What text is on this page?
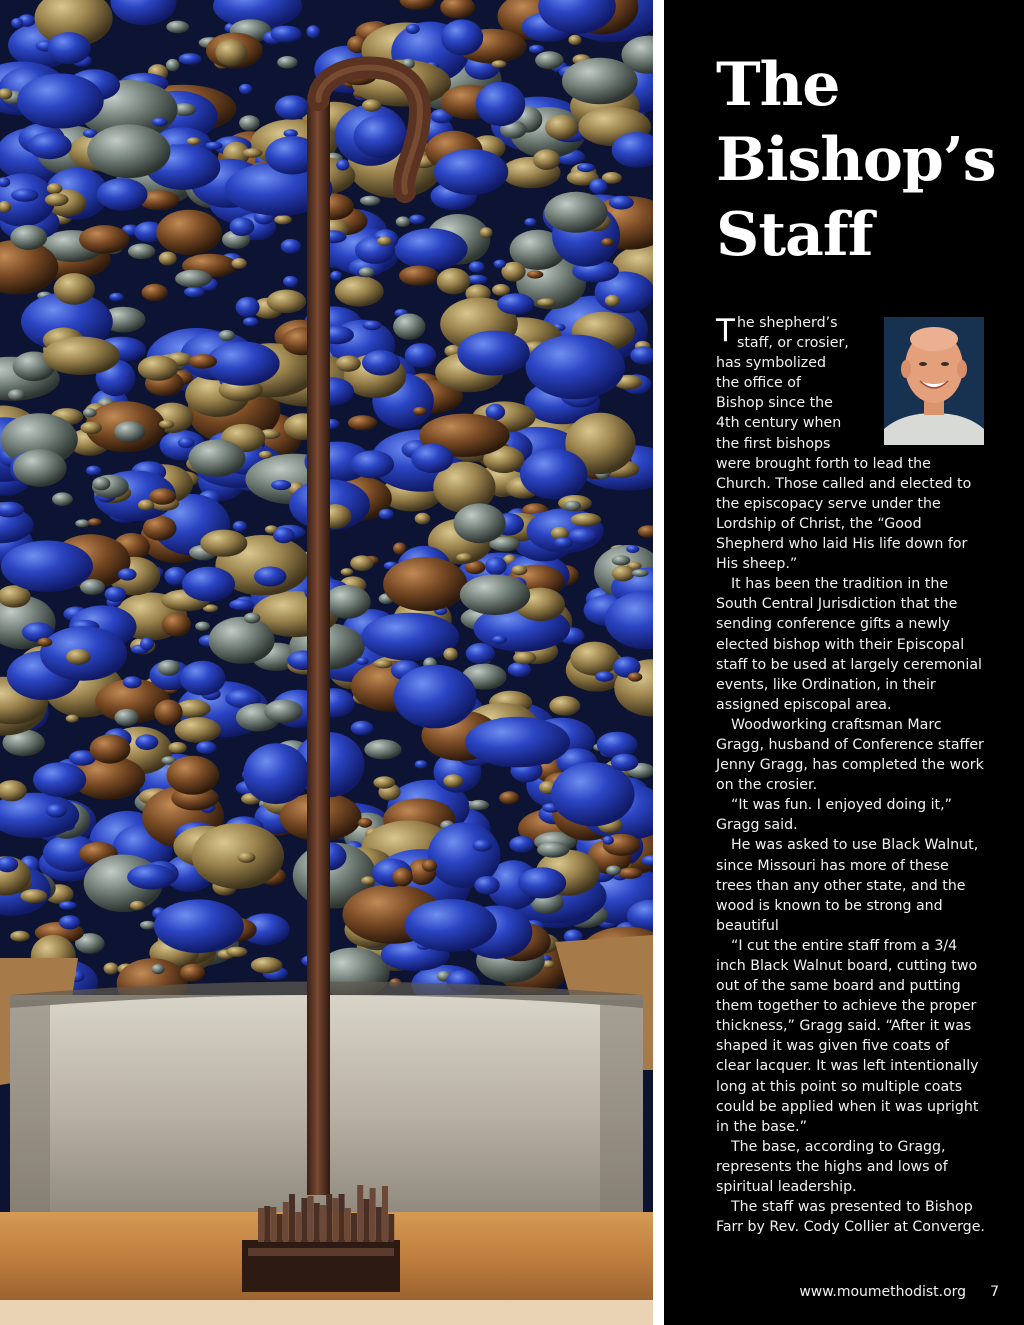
The
Bishop’s
Staff

T he shepherd’s
staff, or crosier,
has symbolized
the office of
Bishop since the
4th century when
the first bishops

were brought forth to lead the Church. Those called and elected to the episcopacy serve under the Lordship of Christ, the “Good Shepherd who laid His life down for His sheep.”

It has been the tradition in the South Central Jurisdiction that the sending conference gifts a newly elected bishop with their Episcopal staff to be used at largely ceremonial events, like Ordination, in their assigned episcopal area.

Woodworking craftsman Marc Gragg, husband of Conference staffer Jenny Gragg, has completed the work on the crosier.

“It was fun. I enjoyed doing it,” Gragg said.

He was asked to use Black Walnut, since Missouri has more of these trees than any other state, and the wood is known to be strong and beautiful

“I cut the entire staff from a 3/4 inch Black Walnut board, cutting two out of the same board and putting them together to achieve the proper thickness,” Gragg said. “After it was shaped it was given five coats of clear lacquer. It was left intentionally long at this point so multiple coats could be applied when it was upright in the base.”

The base, according to Gragg, represents the highs and lows of spiritual leadership.

The staff was presented to Bishop Farr by Rev. Cody Collier at Converge.

www.moumethodist.org 7
